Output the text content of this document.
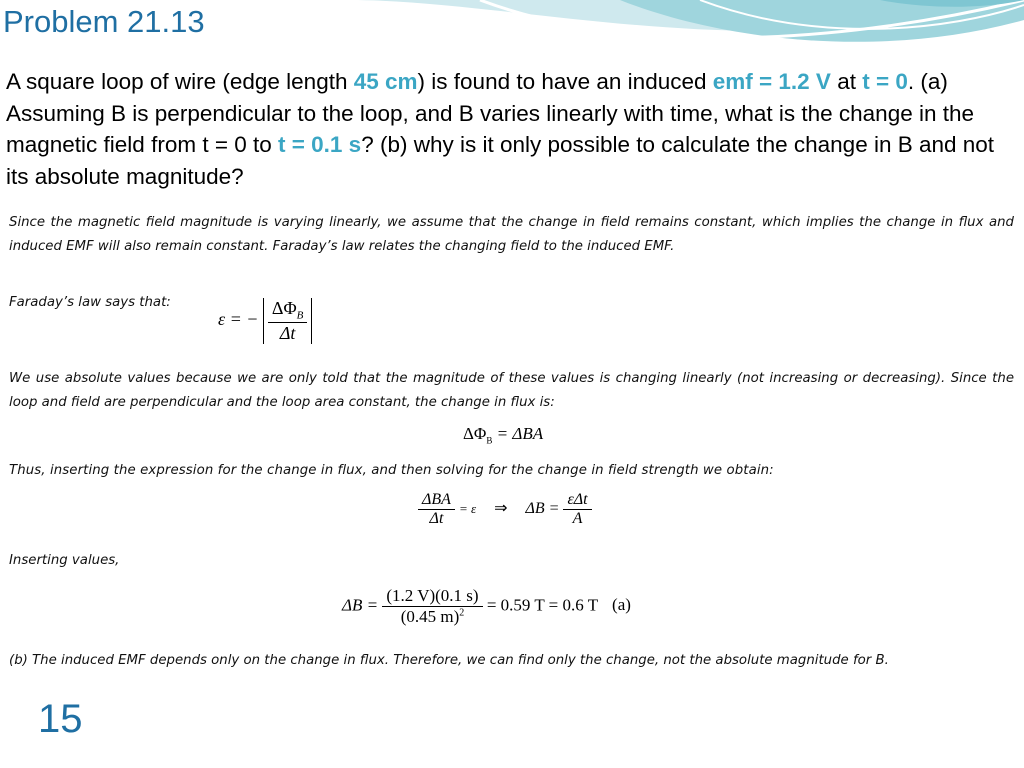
Problem 21.13
A square loop of wire (edge length 45 cm) is found to have an induced emf = 1.2 V at t = 0. (a) Assuming B is perpendicular to the loop, and B varies linearly with time, what is the change in the magnetic field from t = 0 to t = 0.1 s? (b) why is it only possible to calculate the change in B and not its absolute magnitude?
Since the magnetic field magnitude is varying linearly, we assume that the change in field remains constant, which implies the change in flux and induced EMF will also remain constant. Faraday’s law relates the changing field to the induced EMF.
Faraday’s law says that:
ε = − $\frac{\Delta\Phi_B}{\Delta t}$
We use absolute values because we are only told that the magnitude of these values is changing linearly (not increasing or decreasing). Since the loop and field are perpendicular and the loop area constant, the change in flux is:
$\Delta\Phi_B = \Delta BA$
Thus, inserting the expression for the change in flux, and then solving for the change in field strength we obtain:
$\frac{\text{ΔBA}}{\Delta t} = \varepsilon$ ⇒ $\Delta B = \frac{\text{εΔt}}{A}$
Inserting values,
$\Delta B = \frac{(1.2 V)(0.1 s)}{(0.45 m)^2} = 0.59$ T = 0.6 T (a)
(b) The induced EMF depends only on the change in flux. Therefore, we can find only the change, not the absolute magnitude for B.
15
